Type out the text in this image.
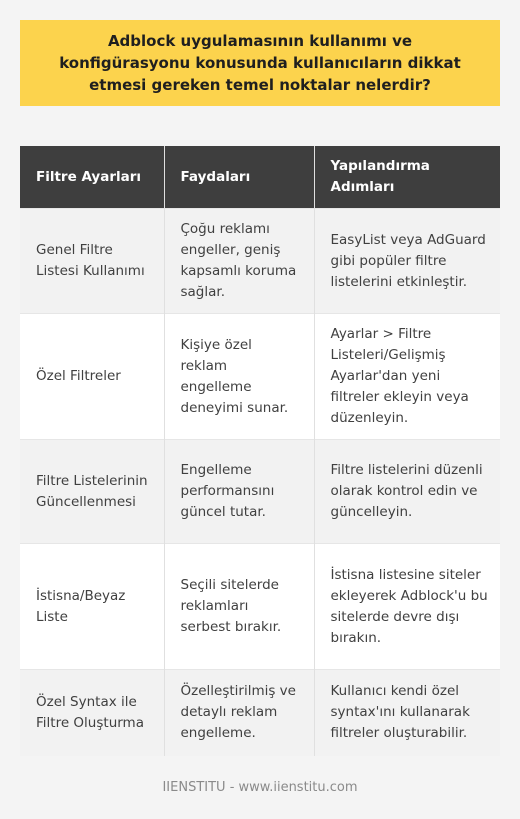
Adblock uygulamasının kullanımı ve konfigürasyonu konusunda kullanıcıların dikkat etmesi gereken temel noktalar nelerdir?
Filtre Ayarları	Faydaları	Yapılandırma Adımları
Genel Filtre Listesi Kullanımı	Çoğu reklamı engeller, geniş kapsamlı koruma sağlar.	EasyList veya AdGuard gibi popüler filtre listelerini etkinleştir.
Özel Filtreler	Kişiye özel reklam engelleme deneyimi sunar.	Ayarlar > Filtre Listeleri/Gelişmiş Ayarlar'dan yeni filtreler ekleyin veya düzenleyin.
Filtre Listelerinin Güncellenmesi	Engelleme performansını güncel tutar.	Filtre listelerini düzenli olarak kontrol edin ve güncelleyin.
İstisna/Beyaz Liste	Seçili sitelerde reklamları serbest bırakır.	İstisna listesine siteler ekleyerek Adblock'u bu sitelerde devre dışı bırakın.
Özel Syntax ile Filtre Oluşturma	Özelleştirilmiş ve detaylı reklam engelleme.	Kullanıcı kendi özel syntax'ını kullanarak filtreler oluşturabilir.
IIENSTITU - www.iienstitu.com
